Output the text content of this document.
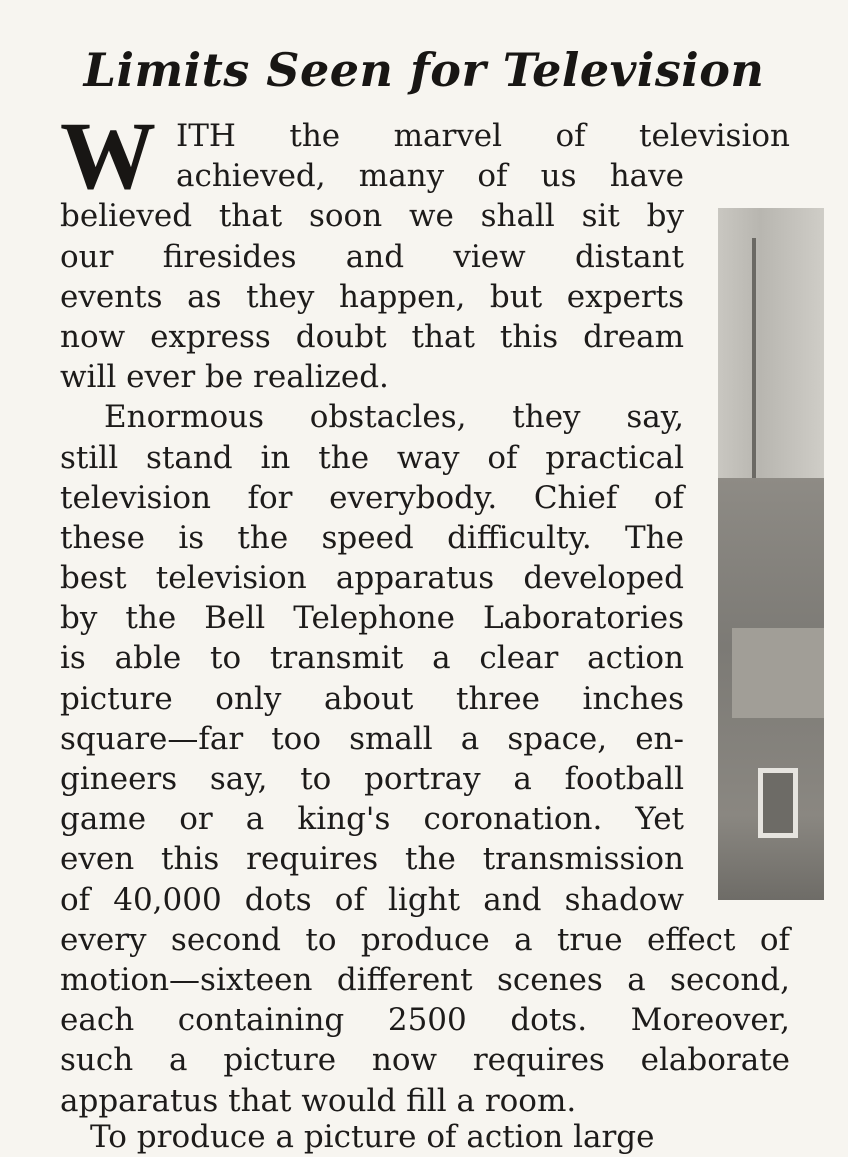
Limits Seen for Television
W ITH the marvel of television
achieved, many of us have
believed that soon we shall sit by
our firesides and view distant
events as they happen, but experts
now express doubt that this dream
will ever be realized.
Enormous obstacles, they say,
still stand in the way of practical
television for everybody. Chief of
these is the speed difficulty. The
best television apparatus developed
by the Bell Telephone Laboratories
is able to transmit a clear action
picture only about three inches
square—far too small a space, en-
gineers say, to portray a football
game or a king's coronation. Yet
even this requires the transmission
of 40,000 dots of light and shadow
every second to produce a true effect of
motion—sixteen different scenes a second,
each containing 2500 dots. Moreover,
such a picture now requires elaborate
apparatus that would fill a room.
To produce a picture of action large
